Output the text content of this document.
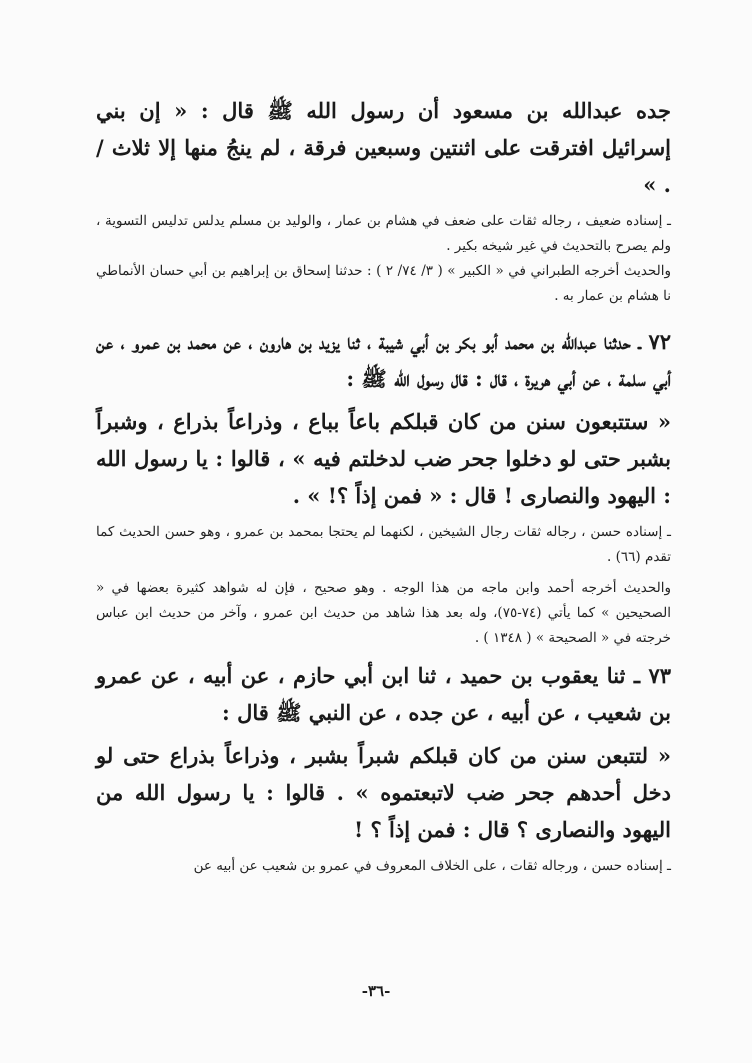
جده عبدالله بن مسعود أن رسول الله ﷺ قال : « إن بني إسرائيل افترقت على اثنتين وسبعين فرقة ، لم ينجُ منها إلا ثلاث / . »

ـ إسناده ضعيف ، رجاله ثقات على ضعف في هشام بن عمار ، والوليد بن مسلم يدلس تدليس التسوية ، ولم يصرح بالتحديث في غير شيخه بكير .

والحديث أخرجه الطبراني في « الكبير » ( ٣/ ٧٤/ ٢ ) : حدثنا إسحاق بن إبراهيم بن أبي حسان الأنماطي نا هشام بن عمار به .

٧٢ ـ حدثنا عبدالله بن محمد أبو بكر بن أبي شيبة ، ثنا يزيد بن هارون ، عن محمد بن عمرو ، عن أبي سلمة ، عن أبي هريرة ، قال : قال رسول الله ﷺ :

« ستتبعون سنن من كان قبلكم باعاً بباع ، وذراعاً بذراع ، وشبراً بشبر حتى لو دخلوا جحر ضب لدخلتم فيه » ، قالوا : يا رسول الله : اليهود والنصارى ! قال : « فمن إذاً ؟! » .

ـ إسناده حسن ، رجاله ثقات رجال الشيخين ، لكنهما لم يحتجا بمحمد بن عمرو ، وهو حسن الحديث كما تقدم (٦٦) .

والحديث أخرجه أحمد وابن ماجه من هذا الوجه . وهو صحيح ، فإن له شواهد كثيرة بعضها في « الصحيحين » كما يأتي (٧٤-٧٥)، وله بعد هذا شاهد من حديث ابن عمرو ، وآخر من حديث ابن عباس خرجته في « الصحيحة » ( ١٣٤٨ ) .

٧٣ ـ ثنا يعقوب بن حميد ، ثنا ابن أبي حازم ، عن أبيه ، عن عمرو بن شعيب ، عن أبيه ، عن جده ، عن النبي ﷺ قال :

« لتتبعن سنن من كان قبلكم شبراً بشبر ، وذراعاً بذراع حتى لو دخل أحدهم جحر ضب لاتبعتموه » . قالوا : يا رسول الله من اليهود والنصارى ؟ قال : فمن إذاً ؟ !

ـ إسناده حسن ، ورجاله ثقات ، على الخلاف المعروف في عمرو بن شعيب عن أبيه عن

-٣٦-
